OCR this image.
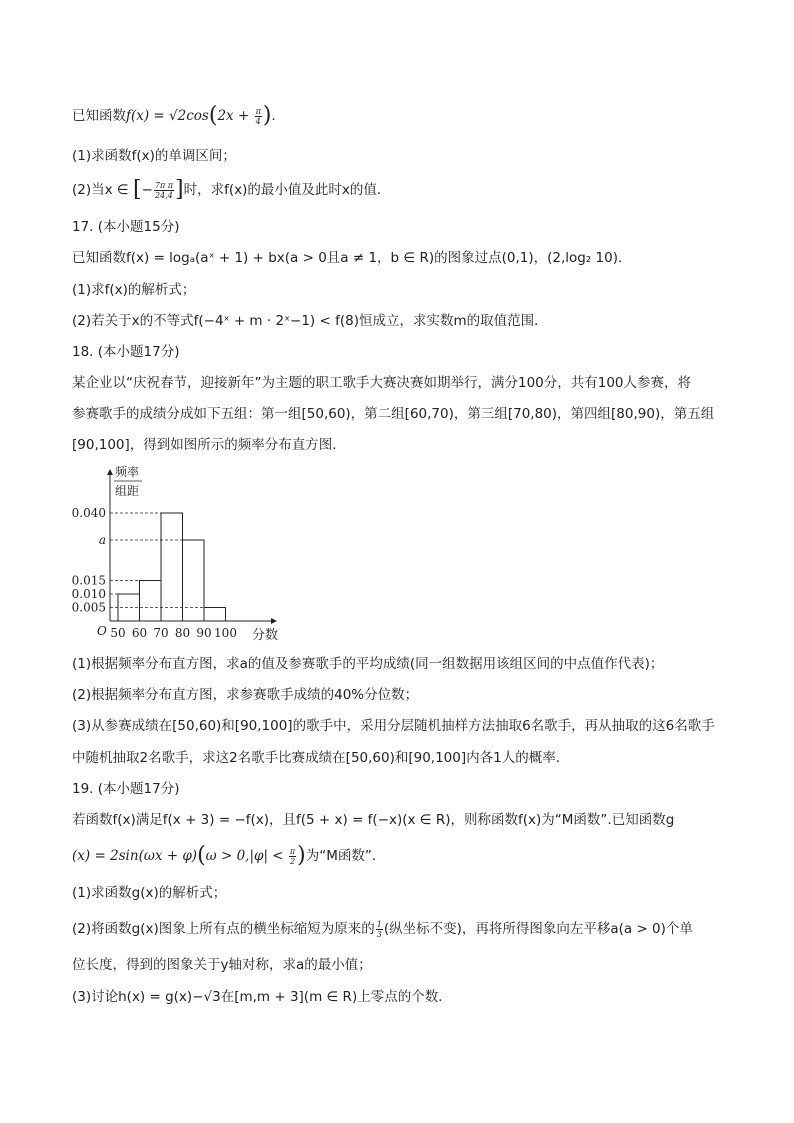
已知函数$f(x) = √2\cos(2x + \frac{\pi}{4}$ ).
(1)求函数f(x)的单调区间；
(2)当x ∈ [− $\frac{\text{7π π}}{24,4}$ ]时，求f(x)的最小值及此时x的值．
17. (本小题15分)
已知函数f(x) = logₐ(aˣ + 1) + bx(a > 0且a ≠ 1，b ∈ R)的图象过点(0,1)，(2,log₂ 10)．
(1)求f(x)的解析式；
(2)若关于x的不等式f(−4ˣ + m · 2ˣ−1) < f(8)恒成立，求实数m的取值范围．
18. (本小题17分)
某企业以“庆祝春节，迎接新年”为主题的职工歌手大赛决赛如期举行，满分100分，共有100人参赛，将
参赛歌手的成绩分成如下五组：第一组[50,60)，第二组[60,70)，第三组[70,80)，第四组[80,90)，第五组
[90,100]，得到如图所示的频率分布直方图．
频率
组距
O
0.040
a
0.015
0.010
0.005
50 60 70 80 90 100 分数
(1)根据频率分布直方图，求a的值及参赛歌手的平均成绩(同一组数据用该组区间的中点值作代表)；
(2)根据频率分布直方图，求参赛歌手成绩的40%分位数；
(3)从参赛成绩在[50,60)和[90,100]的歌手中，采用分层随机抽样方法抽取6名歌手，再从抽取的这6名歌手
中随机抽取2名歌手，求这2名歌手比赛成绩在[50,60)和[90,100]内各1人的概率．
19. (本小题17分)
若函数f(x)满足f(x + 3) = −f(x)，且f(5 + x) = f(−x)(x ∈ R)，则称函数f(x)为“M函数”.已知函数g
$(x) = 2\sin(\omega x + \varphi)(\omega > 0,|\varphi| < \frac{\pi}{2}$ )为“M函数”．
(1)求函数g(x)的解析式；
(2)将函数g(x)图象上所有点的横坐标缩短为原来的 $\frac{1}{3}$ (纵坐标不变)，再将所得图象向左平移a(a > 0)个单
位长度，得到的图象关于y轴对称，求a的最小值；
(3)讨论h(x) = g(x)−√3在[m,m + 3](m ∈ R)上零点的个数．
